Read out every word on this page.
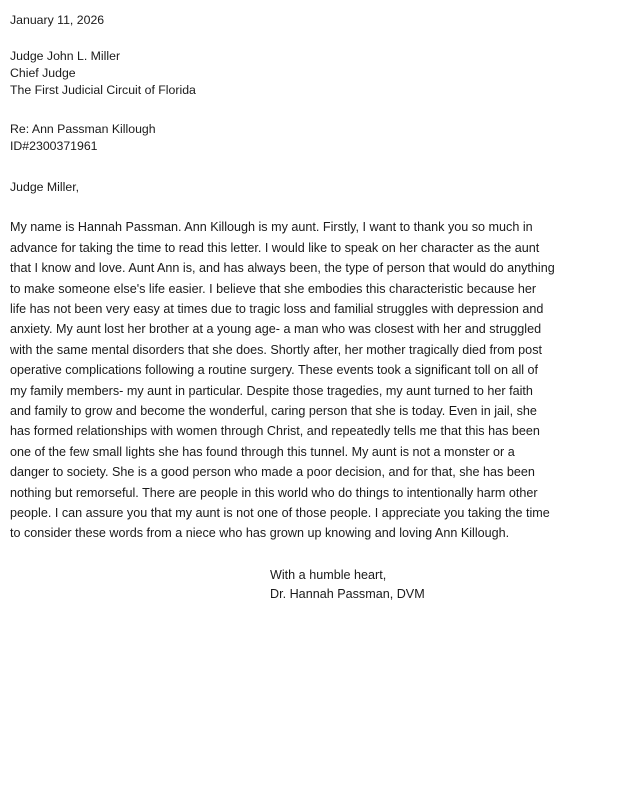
January 11, 2026

Judge John L. Miller
Chief Judge
The First Judicial Circuit of Florida
Re: Ann Passman Killough
ID#2300371961
Judge Miller,

My name is Hannah Passman. Ann Killough is my aunt. Firstly, I want to thank you so much in advance for taking the time to read this letter. I would like to speak on her character as the aunt that I know and love. Aunt Ann is, and has always been, the type of person that would do anything to make someone else's life easier. I believe that she embodies this characteristic because her life has not been very easy at times due to tragic loss and familial struggles with depression and anxiety. My aunt lost her brother at a young age- a man who was closest with her and struggled with the same mental disorders that she does. Shortly after, her mother tragically died from post operative complications following a routine surgery. These events took a significant toll on all of my family members- my aunt in particular. Despite those tragedies, my aunt turned to her faith and family to grow and become the wonderful, caring person that she is today. Even in jail, she has formed relationships with women through Christ, and repeatedly tells me that this has been one of the few small lights she has found through this tunnel. My aunt is not a monster or a danger to society. She is a good person who made a poor decision, and for that, she has been nothing but remorseful. There are people in this world who do things to intentionally harm other people. I can assure you that my aunt is not one of those people. I appreciate you taking the time to consider these words from a niece who has grown up knowing and loving Ann Killough.

With a humble heart,
Dr. Hannah Passman, DVM
